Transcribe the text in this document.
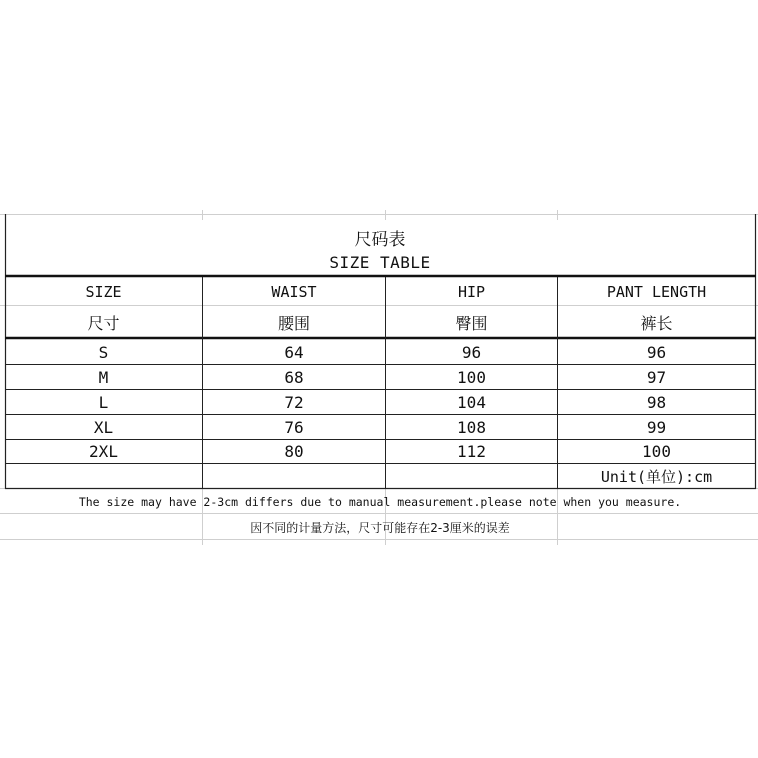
尺码表
SIZE TABLE
SIZE	WAIST	HIP	PANT LENGTH
尺寸	腰围	臀围	裤长
S	64	96	96
M	68	100	97
L	72	104	98
XL	76	108	99
2XL	80	112	100
Unit(单位):cm
The size may have 2-3cm differs due to manual measurement.please note when you measure.
因不同的计量方法，尺寸可能存在2-3厘米的误差
